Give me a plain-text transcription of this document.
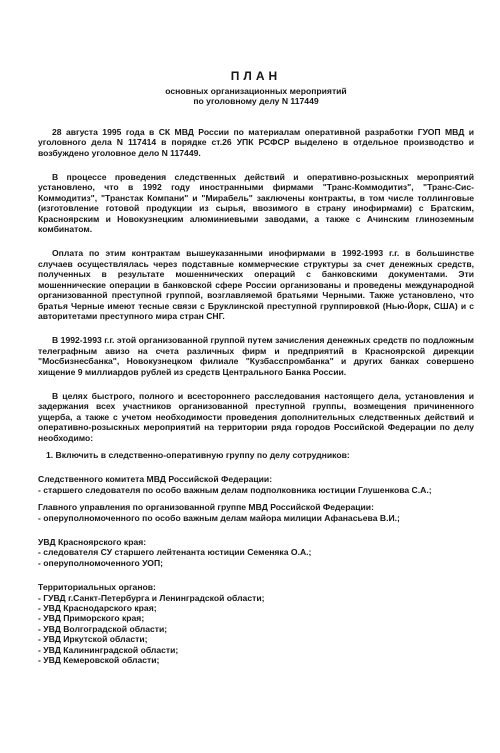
ПЛАН
основных организационных мероприятий
по уголовному делу N 117449

28 августа 1995 года в СК МВД России по материалам оперативной разработки ГУОП МВД и уголовного дела N 117414 в порядке ст.26 УПК РСФСР выделено в отдельное производство и возбуждено уголовное дело N 117449.

В процессе проведения следственных действий и оперативно-розыскных мероприятий установлено, что в 1992 году иностранными фирмами "Транс-Коммодитиз", "Транс-Сис-Коммодитиз", "Транстак Компани" и "Мирабель" заключены контракты, в том числе толлинговые (изготовление готовой продукции из сырья, ввозимого в страну инофирмами) с Братским, Красноярским и Новокузнецким алюминиевыми заводами, а также с Ачинским глиноземным комбинатом.

Оплата по этим контрактам вышеуказанными инофирмами в 1992-1993 г.г. в большинстве случаев осуществлялась через подставные коммерческие структуры за счет денежных средств, полученных в результате мошеннических операций с банковскими документами. Эти мошеннические операции в банковской сфере России организованы и проведены международной организованной преступной группой, возглавляемой братьями Черными. Также установлено, что братья Черные имеют тесные связи с Бруклинской преступной группировкой (Нью-Йорк, США) и с авторитетами преступного мира стран СНГ.

В 1992-1993 г.г. этой организованной группой путем зачисления денежных средств по подложным телеграфным авизо на счета различных фирм и предприятий в Красноярской дирекции "Мосбизнесбанка", Новокузнецком филиале "Кузбасспромбанка" и других банках совершено хищение 9 миллиардов рублей из средств Центрального Банка России.

В целях быстрого, полного и всестороннего расследования настоящего дела, установления и задержания всех участников организованной преступной группы, возмещения причиненного ущерба, а также с учетом необходимости проведения дополнительных следственных действий и оперативно-розыскных мероприятий на территории ряда городов Российской Федерации по делу необходимо:

1. Включить в следственно-оперативную группу по делу сотрудников:

Следственного комитета МВД Российской Федерации:
- старшего следователя по особо важным делам подполковника юстиции Глушенкова С.А.;
Главного управления по организованной группе МВД Российской Федерации:
- оперуполномоченного по особо важным делам майора милиции Афанасьева В.И.;
УВД Красноярского края:
- следователя СУ старшего лейтенанта юстиции Семеняка О.А.;
- оперуполномоченного УОП;
Территориальных органов:
- ГУВД г.Санкт-Петербурга и Ленинградской области;
- УВД Краснодарского края;
- УВД Приморского края;
- УВД Волгоградской области;
- УВД Иркутской области;
- УВД Калининградской области;
- УВД Кемеровской области;
